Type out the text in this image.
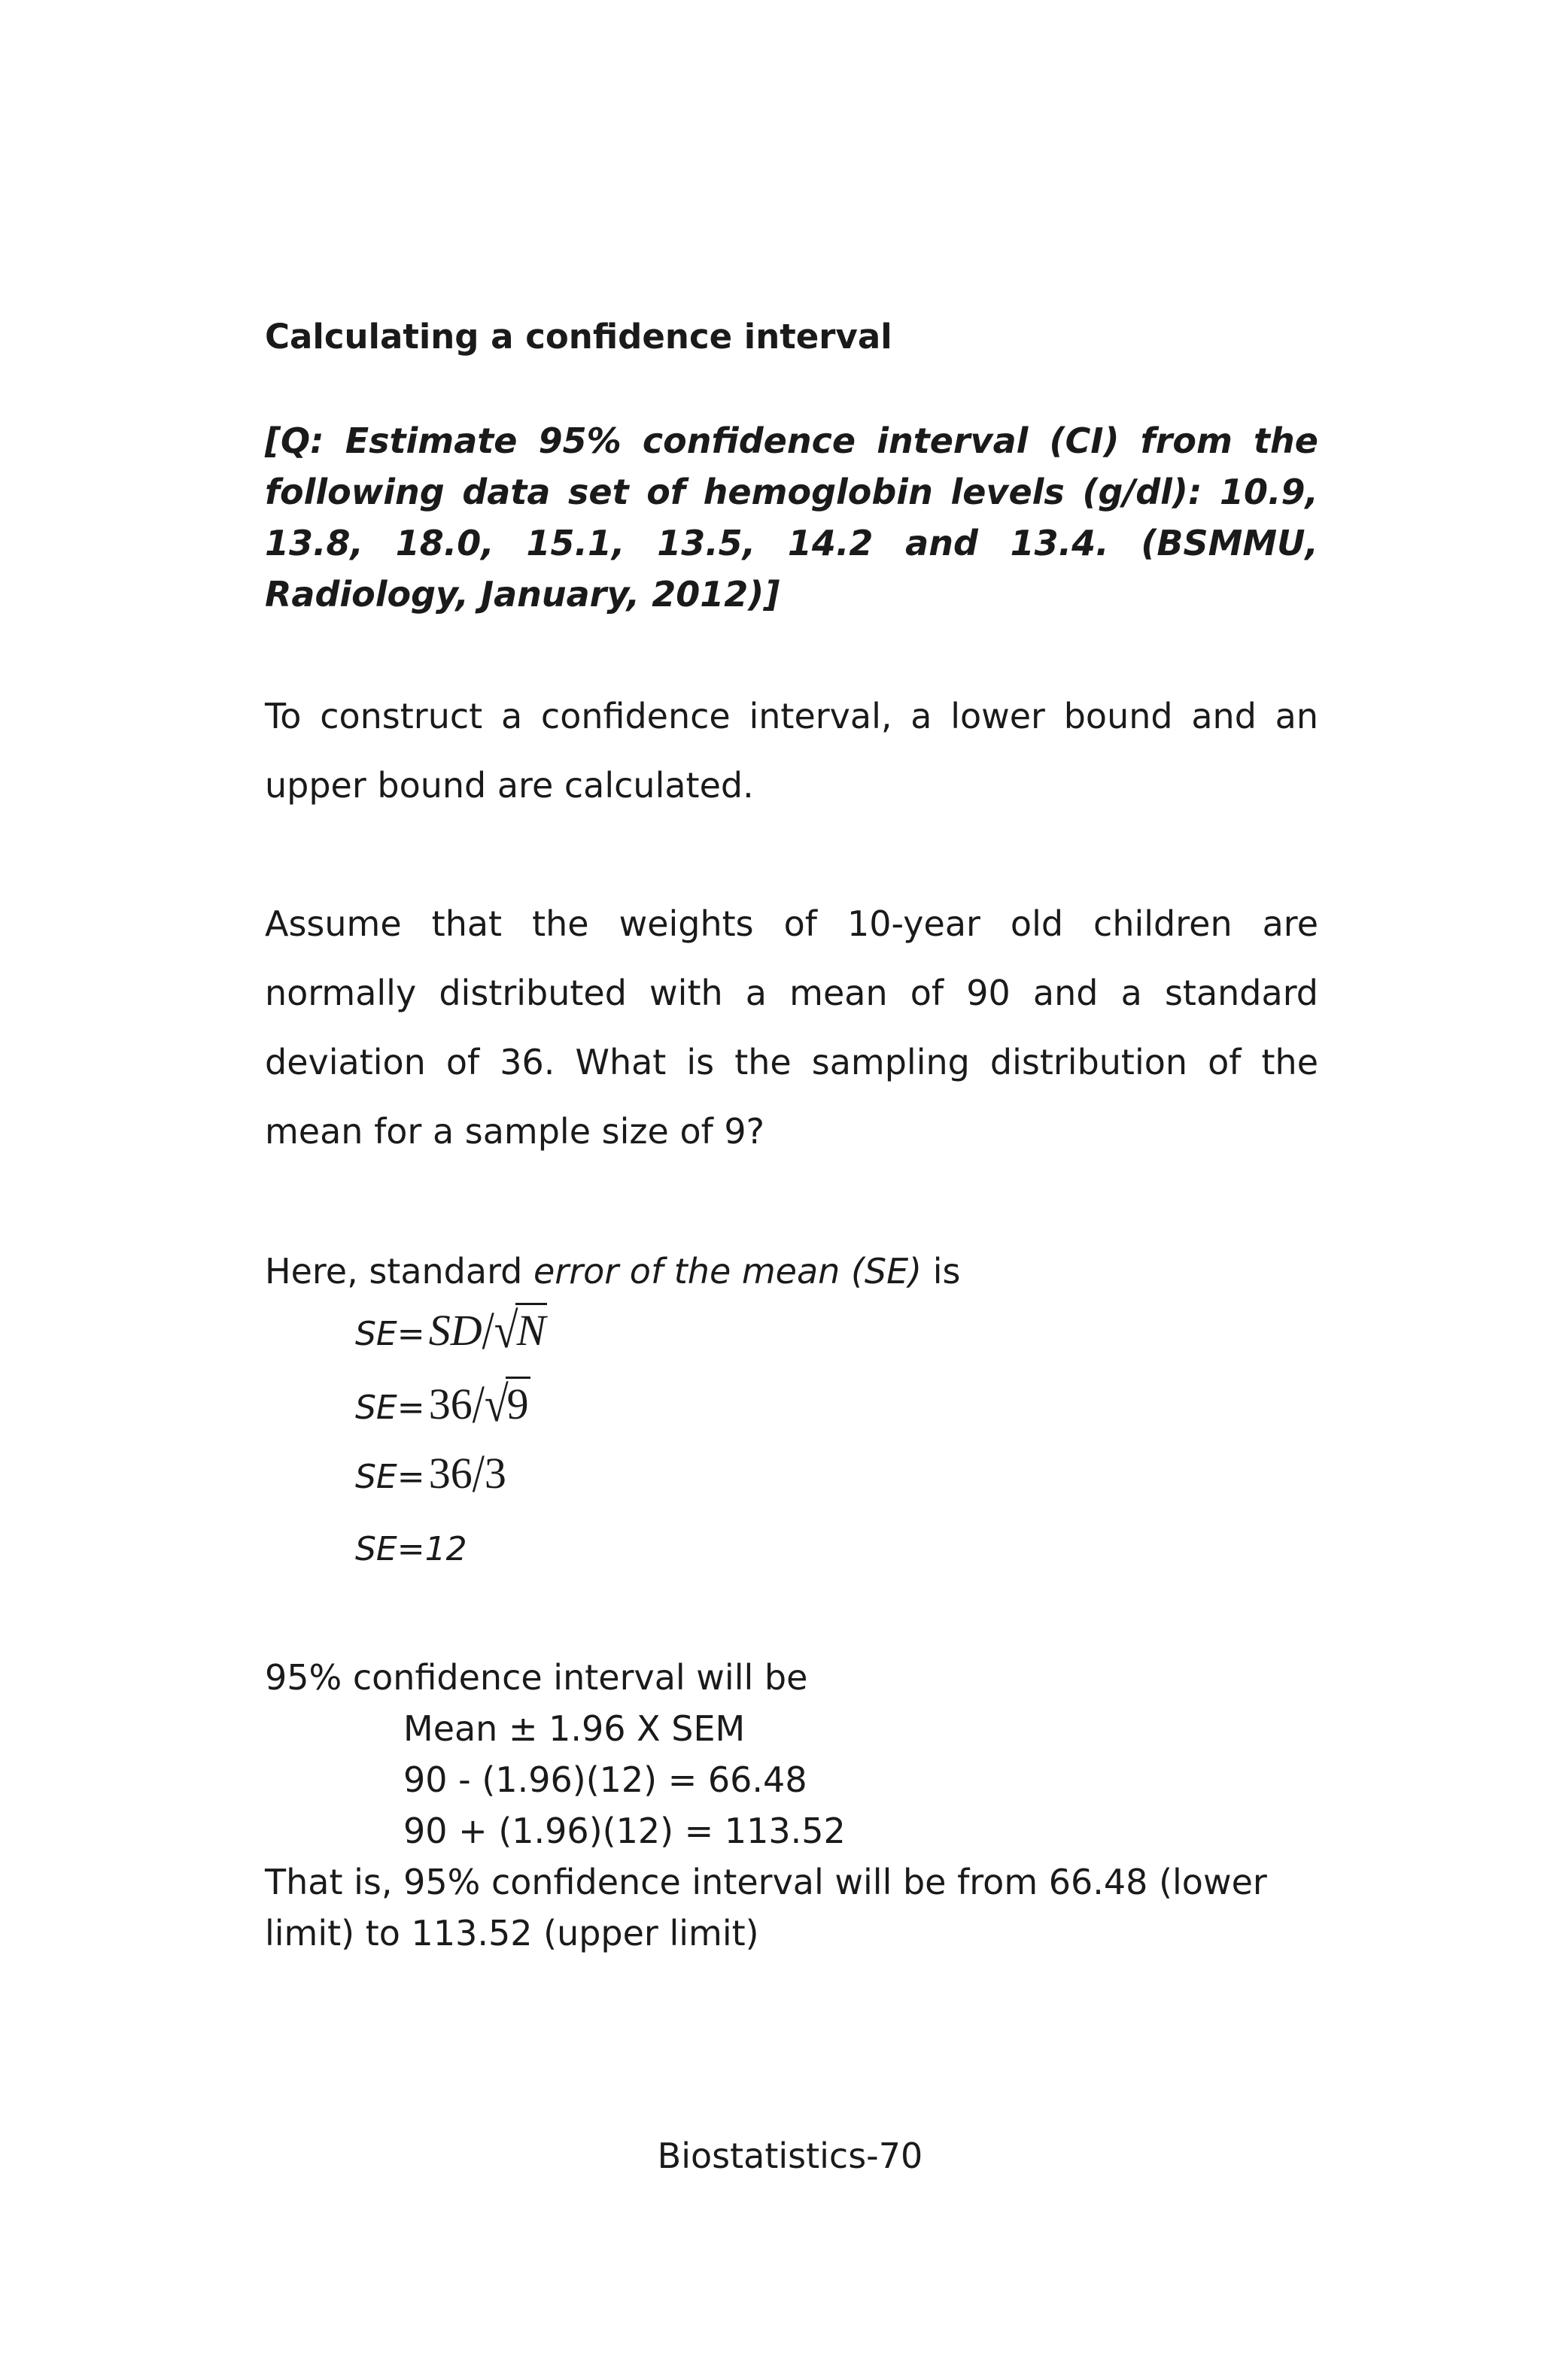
Calculating a confidence interval
[Q: Estimate 95% confidence interval (CI) from the following data set of hemoglobin levels (g/dl): 10.9, 13.8, 18.0, 15.1, 13.5, 14.2 and 13.4. (BSMMU, Radiology, January, 2012)]
To construct a confidence interval, a lower bound and an upper bound are calculated.
Assume that the weights of 10-year old children are normally distributed with a mean of 90 and a standard deviation of 36. What is the sampling distribution of the mean for a sample size of 9?
Here, standard error of the mean (SE) is
SE= SD/√N
SE= 36/√9
SE= 36/3
SE=12
95% confidence interval will be
Mean ± 1.96 X SEM
90 - (1.96)(12) = 66.48
90 + (1.96)(12) = 113.52
That is, 95% confidence interval will be from 66.48 (lower
limit) to 113.52 (upper limit)
Biostatistics-70
